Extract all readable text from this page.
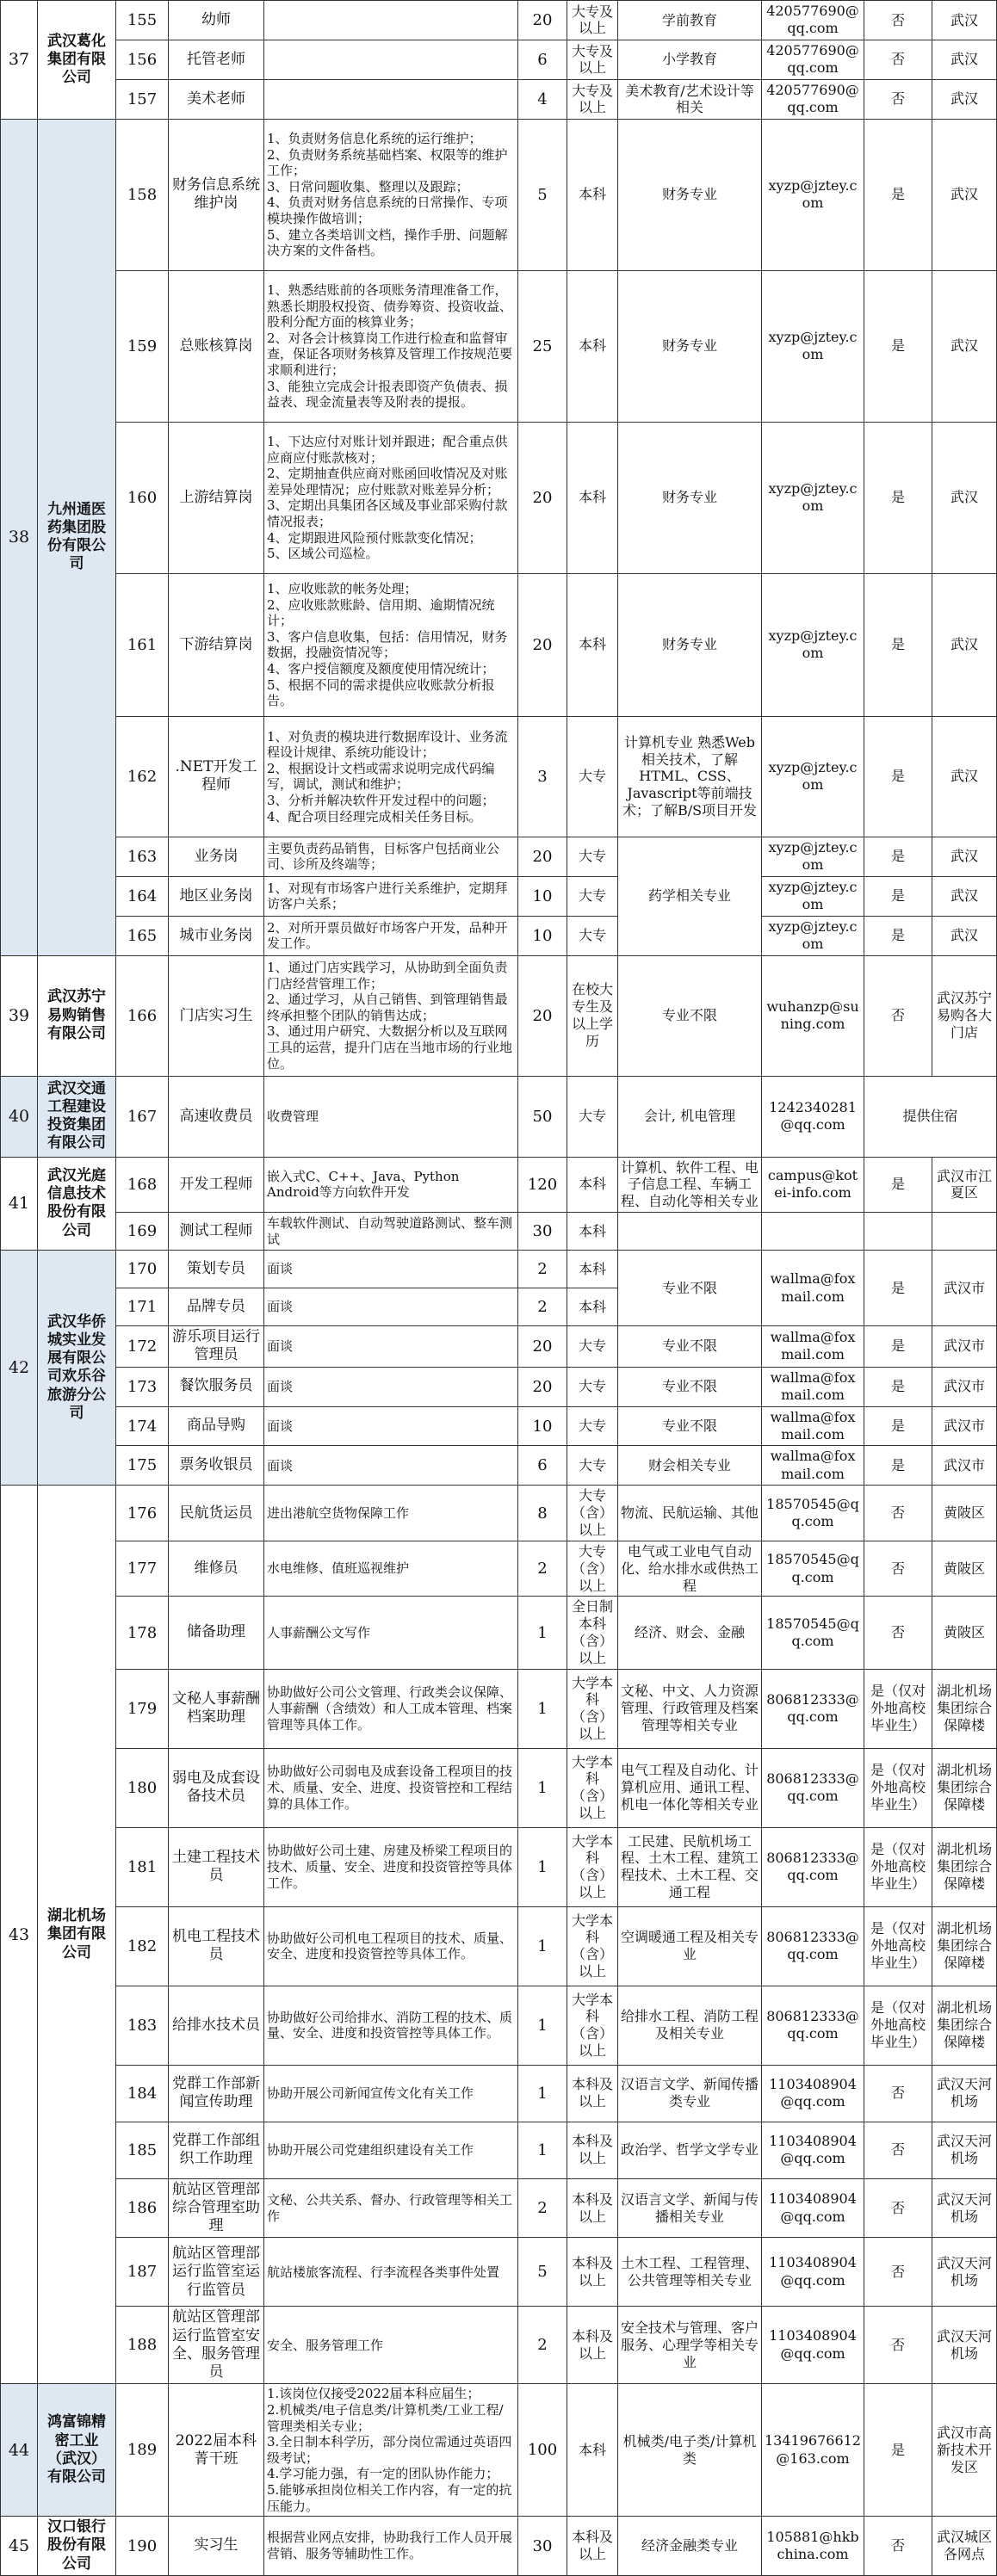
37	武汉葛化集团有限公司	155	幼师		20	大专及以上	学前教育	420577690@qq.com	否	武汉
		156	托管老师		6	大专及以上	小学教育	420577690@qq.com	否	武汉
		157	美术老师		4	大专及以上	美术教育/艺术设计等相关	420577690@qq.com	否	武汉
38	九州通医药集团股份有限公司	158	财务信息系统维护岗	1、负责财务信息化系统的运行维护；
2、负责财务系统基础档案、权限等的维护工作；
3、日常问题收集、整理以及跟踪；
4、负责对财务信息系统的日常操作、专项模块操作做培训；
5、建立各类培训文档，操作手册、问题解决方案的文件备档。	5	本科	财务专业	xyzp@jztey.com	是	武汉
		159	总账核算岗	1、熟悉结账前的各项账务清理准备工作，熟悉长期股权投资、债券筹资、投资收益、股利分配方面的核算业务；
2、对各会计核算岗工作进行检查和监督审查，保证各项财务核算及管理工作按规范要求顺利进行；
3、能独立完成会计报表即资产负债表、损益表、现金流量表等及附表的提报。	25	本科	财务专业	xyzp@jztey.com	是	武汉
		160	上游结算岗	1、下达应付对账计划并跟进；配合重点供应商应付账款核对；
2、定期抽查供应商对账函回收情况及对账差异处理情况；应付账款对账差异分析；
3、定期出具集团各区域及事业部采购付款情况报表；
4、定期跟进风险预付账款变化情况；
5、区域公司巡检。	20	本科	财务专业	xyzp@jztey.com	是	武汉
		161	下游结算岗	1、应收账款的帐务处理；
2、应收账款账龄、信用期、逾期情况统计；
3、客户信息收集，包括：信用情况，财务数据，投融资情况等；
4、客户授信额度及额度使用情况统计；
5、根据不同的需求提供应收账款分析报告。	20	本科	财务专业	xyzp@jztey.com	是	武汉
		162	.NET开发工程师	1、对负责的模块进行数据库设计、业务流程设计规律、系统功能设计；
2、根据设计文档或需求说明完成代码编写，调试，测试和维护；
3、分析并解决软件开发过程中的问题；
4、配合项目经理完成相关任务目标。	3	大专	计算机专业 熟悉Web相关技术，了解HTML、CSS、Javascript等前端技术；了解B/S项目开发	xyzp@jztey.com	是	武汉
		163	业务岗	主要负责药品销售，目标客户包括商业公司、诊所及终端等；	20	大专	药学相关专业	xyzp@jztey.com	是	武汉
		164	地区业务岗	1、对现有市场客户进行关系维护，定期拜访客户关系；	10	大专		xyzp@jztey.com	是	武汉
		165	城市业务岗	2、对所开票员做好市场客户开发，品种开发工作。	10	大专		xyzp@jztey.com	是	武汉
39	武汉苏宁易购销售有限公司	166	门店实习生	1、通过门店实践学习，从协助到全面负责门店经营管理工作；
2、通过学习，从自己销售、到管理销售最终承担整个团队的销售达成；
3、通过用户研究、大数据分析以及互联网工具的运营，提升门店在当地市场的行业地位。	20	在校大专生及以上学历	专业不限	wuhanzp@suning.com	否	武汉苏宁易购各大门店
40	武汉交通工程建设投资集团有限公司	167	高速收费员	收费管理	50	大专	会计, 机电管理	1242340281@qq.com	提供住宿	
41	武汉光庭信息技术股份有限公司	168	开发工程师	嵌入式C、C++、Java、Python Android等方向软件开发	120	本科	计算机、软件工程、电子信息工程、车辆工程、自动化等相关专业	campus@kotei-info.com	是	武汉市江夏区
		169	测试工程师	车载软件测试、自动驾驶道路测试、整车测试	30	本科				
42	武汉华侨城实业发展有限公司欢乐谷旅游分公司	170	策划专员	面谈	2	本科	专业不限	wallma@foxmail.com	是	武汉市
		171	品牌专员	面谈	2	本科				
		172	游乐项目运行管理员	面谈	20	大专	专业不限	wallma@foxmail.com	是	武汉市
		173	餐饮服务员	面谈	20	大专	专业不限	wallma@foxmail.com	是	武汉市
		174	商品导购	面谈	10	大专	专业不限	wallma@foxmail.com	是	武汉市
		175	票务收银员	面谈	6	大专	财会相关专业	wallma@foxmail.com	是	武汉市
43	湖北机场集团有限公司	176	民航货运员	进出港航空货物保障工作	8	大专（含）以上	物流、民航运输、其他	18570545@qq.com	否	黄陂区
		177	维修员	水电维修、值班巡视维护	2	大专（含）以上	电气或工业电气自动化、给水排水或供热工程	18570545@qq.com	否	黄陂区
		178	储备助理	人事薪酬公文写作	1	全日制本科（含）以上	经济、财会、金融	18570545@qq.com	否	黄陂区
		179	文秘人事薪酬档案助理	协助做好公司公文管理、行政类会议保障、人事薪酬（含绩效）和人工成本管理、档案管理等具体工作。	1	大学本科（含）以上	文秘、中文、人力资源管理、行政管理及档案管理等相关专业	806812333@qq.com	是（仅对外地高校毕业生）	湖北机场集团综合保障楼
		180	弱电及成套设备技术员	协助做好公司弱电及成套设备工程项目的技术、质量、安全、进度、投资管控和工程结算的具体工作。	1	大学本科（含）以上	电气工程及自动化、计算机应用、通讯工程、机电一体化等相关专业	806812333@qq.com	是（仅对外地高校毕业生）	湖北机场集团综合保障楼
		181	土建工程技术员	协助做好公司土建、房建及桥梁工程项目的技术、质量、安全、进度和投资管控等具体工作。	1	大学本科（含）以上	工民建、民航机场工程、土木工程、建筑工程技术、土木工程、交通工程	806812333@qq.com	是（仅对外地高校毕业生）	湖北机场集团综合保障楼
		182	机电工程技术员	协助做好公司机电工程项目的技术、质量、安全、进度和投资管控等具体工作。	1	大学本科（含）以上	空调暖通工程及相关专业	806812333@qq.com	是（仅对外地高校毕业生）	湖北机场集团综合保障楼
		183	给排水技术员	协助做好公司给排水、消防工程的技术、质量、安全、进度和投资管控等具体工作。	1	大学本科（含）以上	给排水工程、消防工程及相关专业	806812333@qq.com	是（仅对外地高校毕业生）	湖北机场集团综合保障楼
		184	党群工作部新闻宣传助理	协助开展公司新闻宣传文化有关工作	1	本科及以上	汉语言文学、新闻传播类专业	1103408904@qq.com	否	武汉天河机场
		185	党群工作部组织工作助理	协助开展公司党建组织建设有关工作	1	本科及以上	政治学、哲学文学专业	1103408904@qq.com	否	武汉天河机场
		186	航站区管理部综合管理室助理	文秘、公共关系、督办、行政管理等相关工作	2	本科及以上	汉语言文学、新闻与传播相关专业	1103408904@qq.com	否	武汉天河机场
		187	航站区管理部运行监管室运行监管员	航站楼旅客流程、行李流程各类事件处置	5	本科及以上	土木工程、工程管理、公共管理等相关专业	1103408904@qq.com	否	武汉天河机场
		188	航站区管理部运行监管室安全、服务管理员	安全、服务管理工作	2	本科及以上	安全技术与管理、客户服务、心理学等相关专业	1103408904@qq.com	否	武汉天河机场
44	鸿富锦精密工业（武汉）有限公司	189	2022届本科菁干班	1.该岗位仅接受2022届本科应届生；
2.机械类/电子信息类/计算机类/工业工程/管理类相关专业；
3.全日制本科学历，部分岗位需通过英语四级考试；
4.学习能力强，有一定的团队协作能力；
5.能够承担岗位相关工作内容，有一定的抗压能力。	100	本科	机械类/电子类/计算机类	13419676612@163.com	是	武汉市高新技术开发区
45	汉口银行股份有限公司	190	实习生	根据营业网点安排，协助我行工作人员开展营销、服务等辅助性工作。	30	本科及以上	经济金融类专业	105881@hkbchina.com	否	武汉城区各网点
